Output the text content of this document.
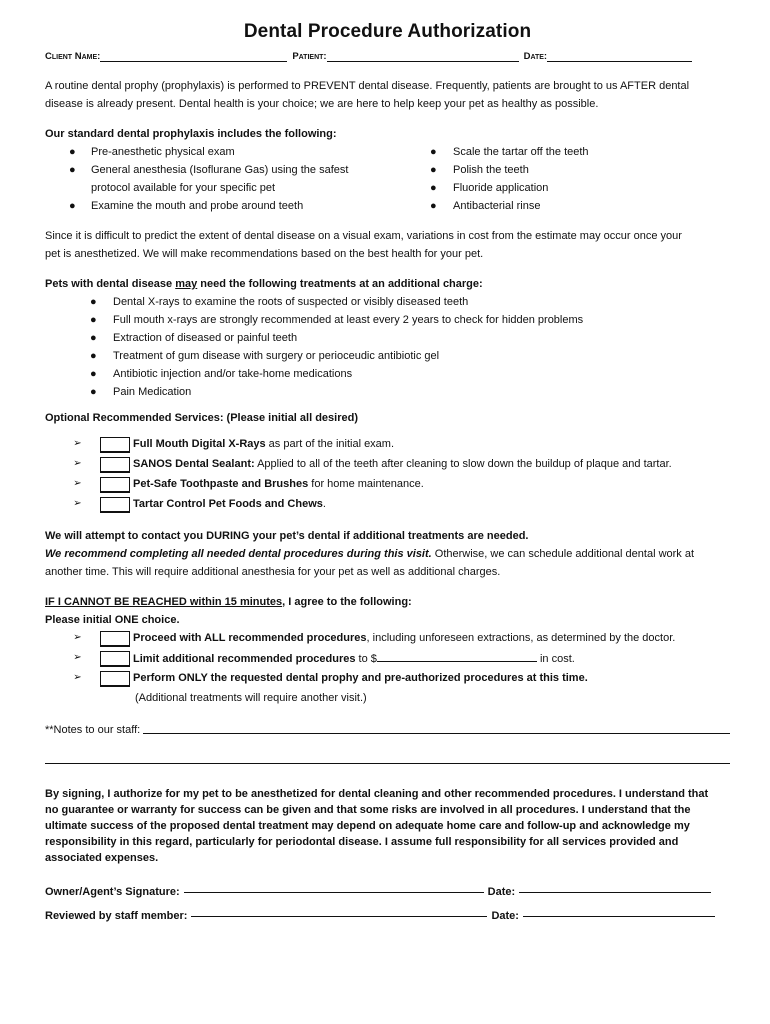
Dental Procedure Authorization
Client Name:	Patient:	Date:

A routine dental prophy (prophylaxis) is performed to PREVENT dental disease. Frequently, patients are brought to us AFTER dental
disease is already present. Dental health is your choice; we are here to help keep your pet as healthy as possible.

Our standard dental prophylaxis includes the following:
● Pre-anesthetic physical exam
● General anesthesia (Isoflurane Gas) using the safest
protocol available for your specific pet
● Examine the mouth and probe around teeth
● Scale the tartar off the teeth
● Polish the teeth
● Fluoride application
● Antibacterial rinse

Since it is difficult to predict the extent of dental disease on a visual exam, variations in cost from the estimate may occur once your
pet is anesthetized. We will make recommendations based on the best health for your pet.

Pets with dental disease may need the following treatments at an additional charge:
● Dental X-rays to examine the roots of suspected or visibly diseased teeth
● Full mouth x-rays are strongly recommended at least every 2 years to check for hidden problems
● Extraction of diseased or painful teeth
● Treatment of gum disease with surgery or perioceudic antibiotic gel
● Antibiotic injection and/or take-home medications
● Pain Medication
Optional Recommended Services: (Please initial all desired)
➢	Full Mouth Digital X-Rays as part of the initial exam.
➢	SANOS Dental Sealant: Applied to all of the teeth after cleaning to slow down the buildup of plaque and tartar.
➢	Pet-Safe Toothpaste and Brushes for home maintenance.
➢	Tartar Control Pet Foods and Chews.

We will attempt to contact you DURING your pet’s dental if additional treatments are needed.
We recommend completing all needed dental procedures during this visit. Otherwise, we can schedule additional dental work at
another time. This will require additional anesthesia for your pet as well as additional charges.

IF I CANNOT BE REACHED within 15 minutes, I agree to the following:
Please initial ONE choice.
➢	Proceed with ALL recommended procedures, including unforeseen extractions, as determined by the doctor.
➢	Limit additional recommended procedures to $	in cost.
➢	Perform ONLY the requested dental prophy and pre-authorized procedures at this time.
(Additional treatments will require another visit.)
**Notes to our staff:

By signing, I authorize for my pet to be anesthetized for dental cleaning and other recommended procedures. I understand that
no guarantee or warranty for success can be given and that some risks are involved in all procedures. I understand that the
ultimate success of the proposed dental treatment may depend on adequate home care and follow-up and acknowledge my
responsibility in this regard, particularly for periodontal disease. I assume full responsibility for all services provided and
associated expenses.

Owner/Agent’s Signature:	Date:
Reviewed by staff member:	Date:
